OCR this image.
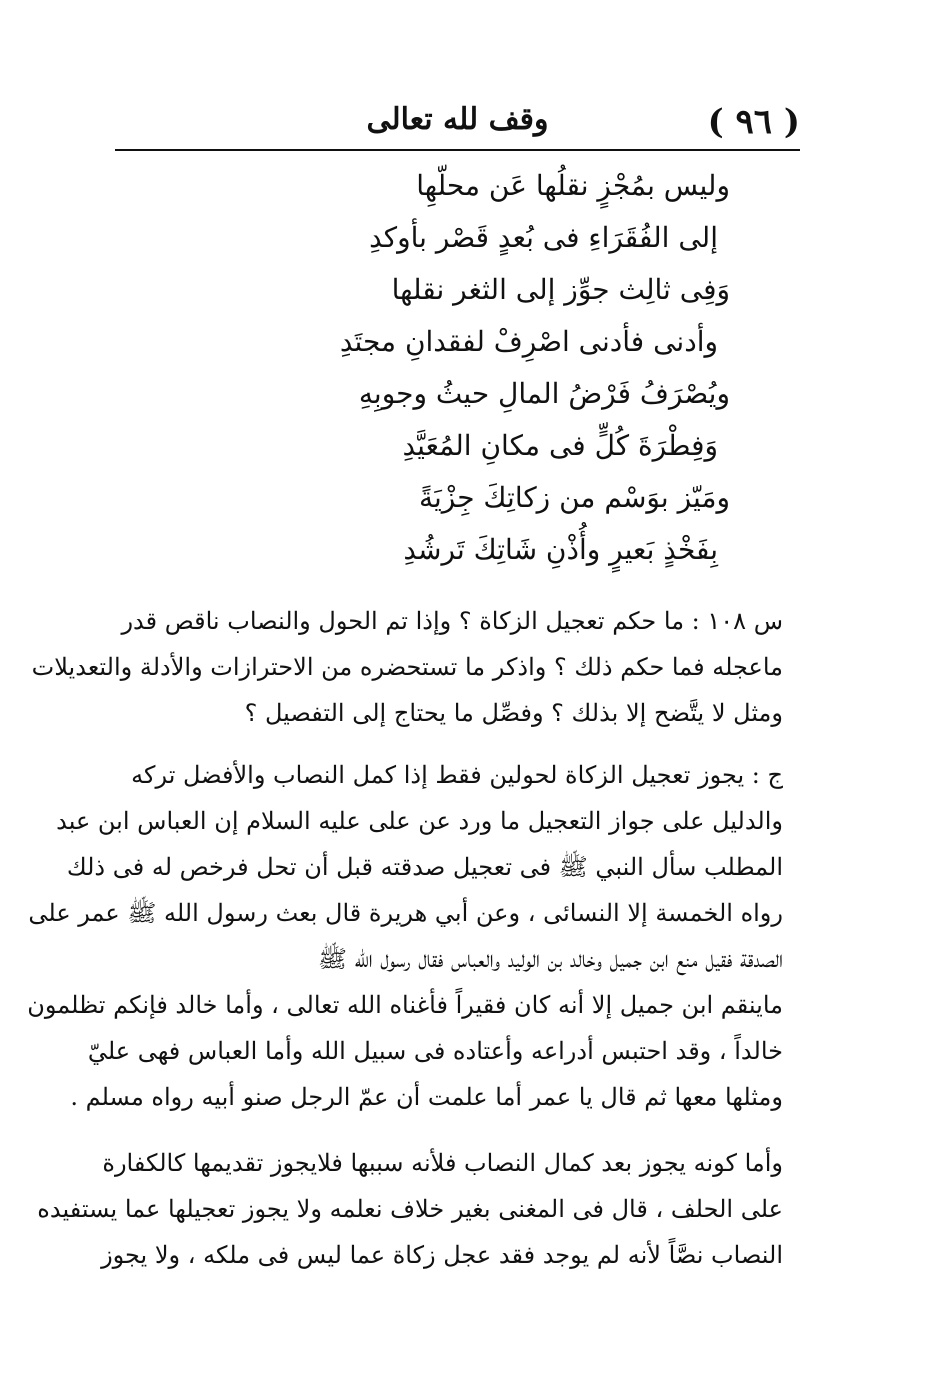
( ٩٦ )
وقف لله تعالى
وليس بمُجْزٍ نقلُها عَن محلّهِا
إلى الفُقَرَاءِ فى بُعدٍ قَصْر بأوكدِ
وَفِى ثالِث جوِّز إلى الثغر نقلها
وأدنى فأدنى اصْرِفْ لفقدانِ مجتَدِ
ويُصْرَفُ فَرْضُ المالِ حيثُ وجوبِهِ
وَفِطْرَةَ كُلٍّ فى مكانِ المُعَيَّدِ
ومَيّز بوَسْم من زكاتِكَ جِزْيَةً
بِفَخْذٍ بَعيرٍ وأُذْنِ شَاتِكَ تَرشُدِ
س ١٠٨ : ما حكم تعجيل الزكاة ؟ وإذا تم الحول والنصاب ناقص قدر
ماعجله فما حكم ذلك ؟ واذكر ما تستحضره من الاحترازات والأدلة والتعديلات
ومثل لا يتَّضح إلا بذلك ؟ وفصِّل ما يحتاج إلى التفصيل ؟
ج : يجوز تعجيل الزكاة لحولين فقط إذا كمل النصاب والأفضل تركه
والدليل على جواز التعجيل ما ورد عن على عليه السلام إن العباس ابن عبد
المطلب سأل النبي ﷺ فى تعجيل صدقته قبل أن تحل فرخص له فى ذلك
رواه الخمسة إلا النسائى ، وعن أبي هريرة قال بعث رسول الله ﷺ عمر على
الصدقة فقيل منع ابن جميل وخالد بن الوليد والعباس فقال رسول الله ﷺ
ماينقم ابن جميل إلا أنه كان فقيراً فأغناه الله تعالى ، وأما خالد فإنكم تظلمون
خالداً ، وقد احتبس أدراعه وأعتاده فى سبيل الله وأما العباس فهى عليّ
ومثلها معها ثم قال يا عمر أما علمت أن عمّ الرجل صنو أبيه رواه مسلم .
وأما كونه يجوز بعد كمال النصاب فلأنه سببها فلايجوز تقديمها كالكفارة
على الحلف ، قال فى المغنى بغير خلاف نعلمه ولا يجوز تعجيلها عما يستفيده
النصاب نصَّاً لأنه لم يوجد فقد عجل زكاة عما ليس فى ملكه ، ولا يجوز
